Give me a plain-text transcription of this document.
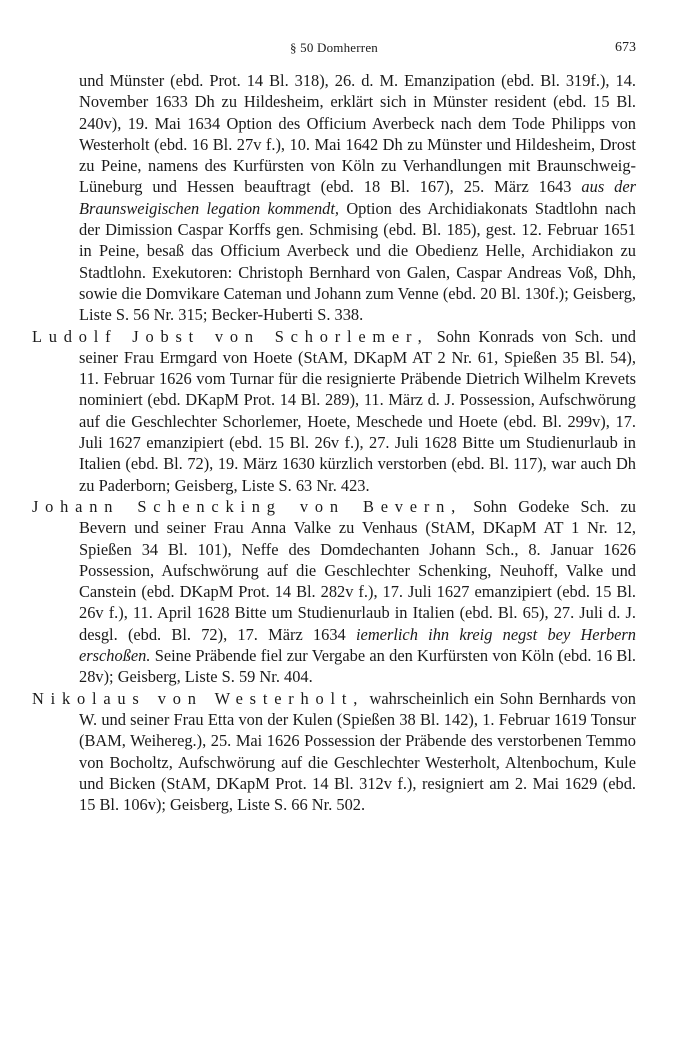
§ 50 Domherren	673

und Münster (ebd. Prot. 14 Bl. 318), 26. d. M. Emanzipation (ebd. Bl. 319f.), 14. November 1633 Dh zu Hildesheim, erklärt sich in Münster resident (ebd. 15 Bl. 240v), 19. Mai 1634 Option des Officium Averbeck nach dem Tode Philipps von Westerholt (ebd. 16 Bl. 27v f.), 10. Mai 1642 Dh zu Münster und Hildesheim, Drost zu Peine, namens des Kurfürsten von Köln zu Verhandlungen mit Braunschweig-Lüneburg und Hessen beauftragt (ebd. 18 Bl. 167), 25. März 1643 aus der Braunsweigischen legation kommendt, Option des Archidiakonats Stadtlohn nach der Dimission Caspar Korffs gen. Schmising (ebd. Bl. 185), gest. 12. Februar 1651 in Peine, besaß das Officium Averbeck und die Obedienz Helle, Archidiakon zu Stadtlohn. Exekutoren: Christoph Bernhard von Galen, Caspar Andreas Voß, Dhh, sowie die Domvikare Cateman und Johann zum Venne (ebd. 20 Bl. 130f.); Geisberg, Liste S. 56 Nr. 315; Becker-Huberti S. 338.

Ludolf Jobst von Schorlemer, Sohn Konrads von Sch. und seiner Frau Ermgard von Hoete (StAM, DKapM AT 2 Nr. 61, Spießen 35 Bl. 54), 11. Februar 1626 vom Turnar für die resignierte Präbende Dietrich Wilhelm Krevets nominiert (ebd. DKapM Prot. 14 Bl. 289), 11. März d. J. Possession, Aufschwörung auf die Geschlechter Schorlemer, Hoete, Meschede und Hoete (ebd. Bl. 299v), 17. Juli 1627 emanzipiert (ebd. 15 Bl. 26v f.), 27. Juli 1628 Bitte um Studienurlaub in Italien (ebd. Bl. 72), 19. März 1630 kürzlich verstorben (ebd. Bl. 117), war auch Dh zu Paderborn; Geisberg, Liste S. 63 Nr. 423.

Johann Schencking von Bevern, Sohn Godeke Sch. zu Bevern und seiner Frau Anna Valke zu Venhaus (StAM, DKapM AT 1 Nr. 12, Spießen 34 Bl. 101), Neffe des Domdechanten Johann Sch., 8. Januar 1626 Possession, Aufschwörung auf die Geschlechter Schenking, Neuhoff, Valke und Canstein (ebd. DKapM Prot. 14 Bl. 282v f.), 17. Juli 1627 emanzipiert (ebd. 15 Bl. 26v f.), 11. April 1628 Bitte um Studienurlaub in Italien (ebd. Bl. 65), 27. Juli d. J. desgl. (ebd. Bl. 72), 17. März 1634 iemerlich ihn kreig negst bey Herbern erschoßen. Seine Präbende fiel zur Vergabe an den Kurfürsten von Köln (ebd. 16 Bl. 28v); Geisberg, Liste S. 59 Nr. 404.

Nikolaus von Westerholt, wahrscheinlich ein Sohn Bernhards von W. und seiner Frau Etta von der Kulen (Spießen 38 Bl. 142), 1. Februar 1619 Tonsur (BAM, Weihereg.), 25. Mai 1626 Possession der Präbende des verstorbenen Temmo von Bocholtz, Aufschwörung auf die Geschlechter Westerholt, Altenbochum, Kule und Bicken (StAM, DKapM Prot. 14 Bl. 312v f.), resigniert am 2. Mai 1629 (ebd. 15 Bl. 106v); Geisberg, Liste S. 66 Nr. 502.
